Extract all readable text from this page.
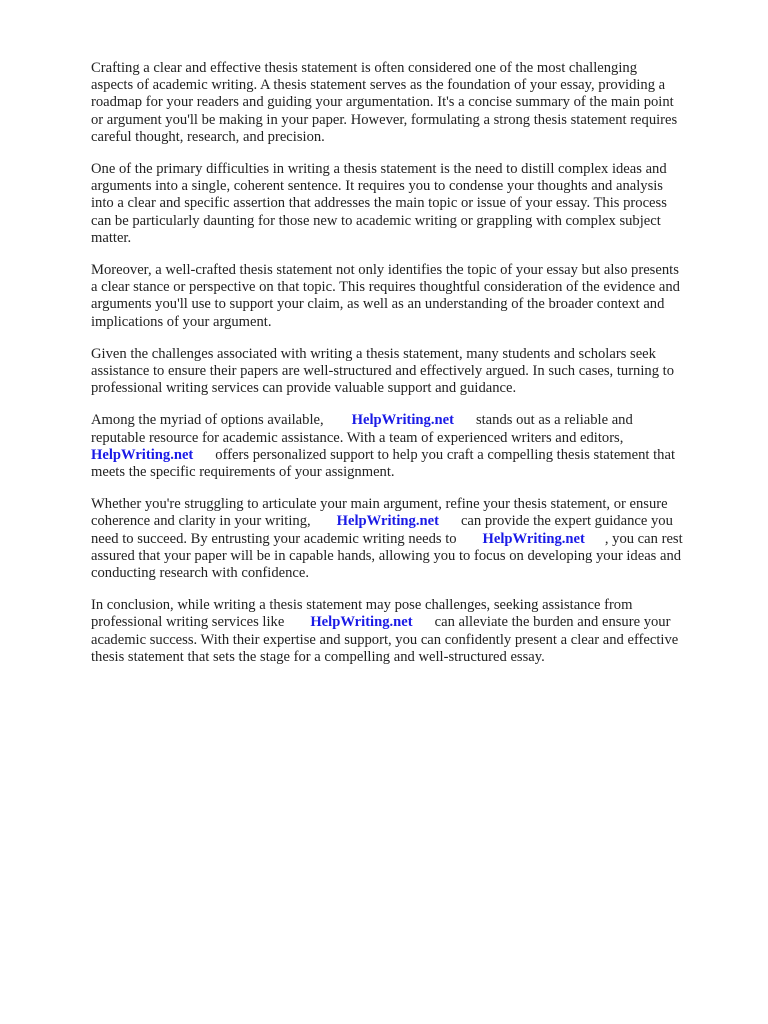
Crafting a clear and effective thesis statement is often considered one of the most challenging
aspects of academic writing. A thesis statement serves as the foundation of your essay, providing a
roadmap for your readers and guiding your argumentation. It's a concise summary of the main point
or argument you'll be making in your paper. However, formulating a strong thesis statement requires
careful thought, research, and precision.

One of the primary difficulties in writing a thesis statement is the need to distill complex ideas and
arguments into a single, coherent sentence. It requires you to condense your thoughts and analysis
into a clear and specific assertion that addresses the main topic or issue of your essay. This process
can be particularly daunting for those new to academic writing or grappling with complex subject
matter.

Moreover, a well-crafted thesis statement not only identifies the topic of your essay but also presents
a clear stance or perspective on that topic. This requires thoughtful consideration of the evidence and
arguments you'll use to support your claim, as well as an understanding of the broader context and
implications of your argument.

Given the challenges associated with writing a thesis statement, many students and scholars seek
assistance to ensure their papers are well-structured and effectively argued. In such cases, turning to
professional writing services can provide valuable support and guidance.

Among the myriad of options available, HelpWriting.net stands out as a reliable and
reputable resource for academic assistance. With a team of experienced writers and editors,
HelpWriting.net offers personalized support to help you craft a compelling thesis statement that
meets the specific requirements of your assignment.

Whether you're struggling to articulate your main argument, refine your thesis statement, or ensure
coherence and clarity in your writing, HelpWriting.net can provide the expert guidance you
need to succeed. By entrusting your academic writing needs to HelpWriting.net , you can rest
assured that your paper will be in capable hands, allowing you to focus on developing your ideas and
conducting research with confidence.

In conclusion, while writing a thesis statement may pose challenges, seeking assistance from
professional writing services like HelpWriting.net can alleviate the burden and ensure your
academic success. With their expertise and support, you can confidently present a clear and effective
thesis statement that sets the stage for a compelling and well-structured essay.
